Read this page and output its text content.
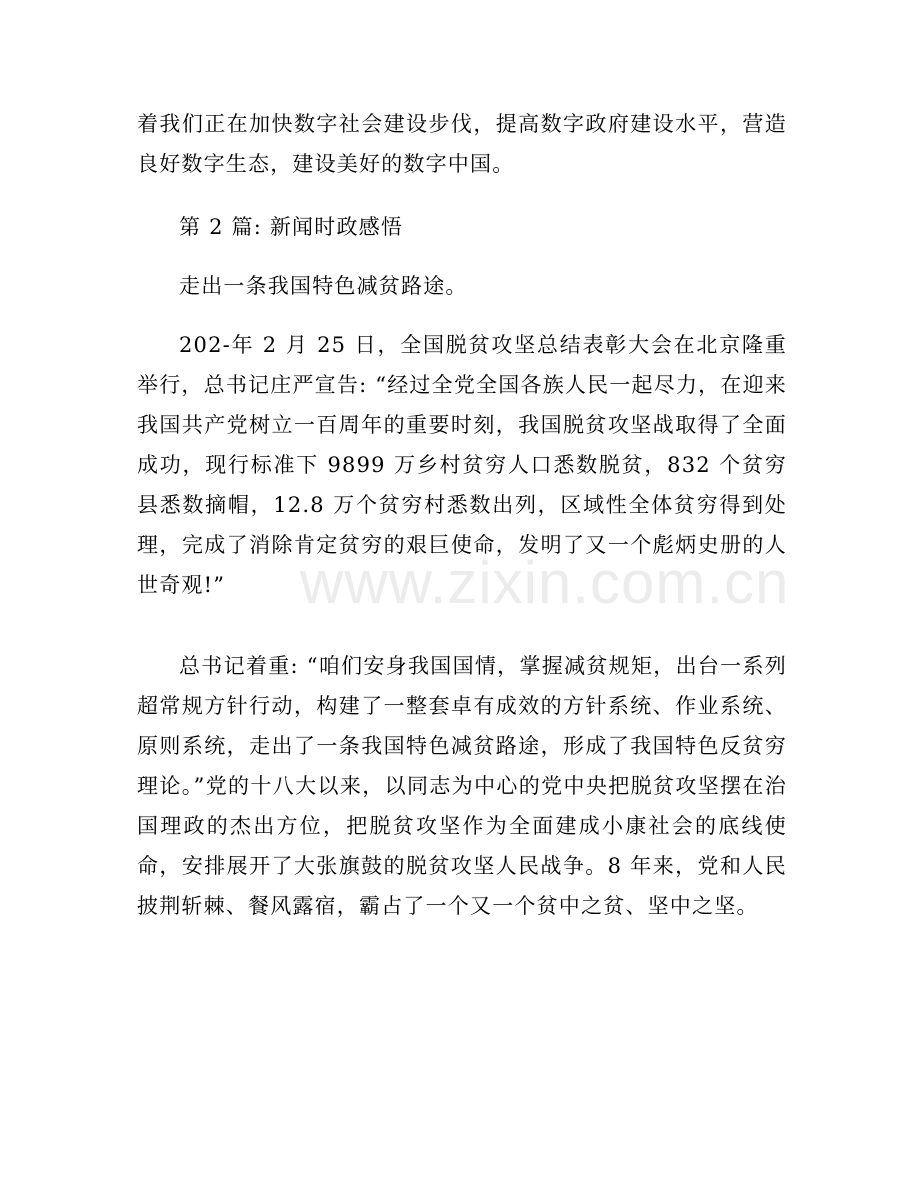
www.zixin.com.cn

着我们正在加快数字社会建设步伐，提高数字政府建设水平，营造良好数字生态，建设美好的数字中国。

第 2 篇: 新闻时政感悟

走出一条我国特色减贫路途。

202-年 2 月 25 日，全国脱贫攻坚总结表彰大会在北京隆重举行，总书记庄严宣告: “经过全党全国各族人民一起尽力，在迎来我国共产党树立一百周年的重要时刻，我国脱贫攻坚战取得了全面成功，现行标准下 9899 万乡村贫穷人口悉数脱贫，832 个贫穷县悉数摘帽，12.8 万个贫穷村悉数出列，区域性全体贫穷得到处理，完成了消除肯定贫穷的艰巨使命，发明了又一个彪炳史册的人世奇观!”

总书记着重: “咱们安身我国国情，掌握减贫规矩，出台一系列超常规方针行动，构建了一整套卓有成效的方针系统、作业系统、原则系统，走出了一条我国特色减贫路途，形成了我国特色反贫穷理论。”党的十八大以来，以同志为中心的党中央把脱贫攻坚摆在治国理政的杰出方位，把脱贫攻坚作为全面建成小康社会的底线使命，安排展开了大张旗鼓的脱贫攻坚人民战争。8 年来，党和人民披荆斩棘、餐风露宿，霸占了一个又一个贫中之贫、坚中之坚。
